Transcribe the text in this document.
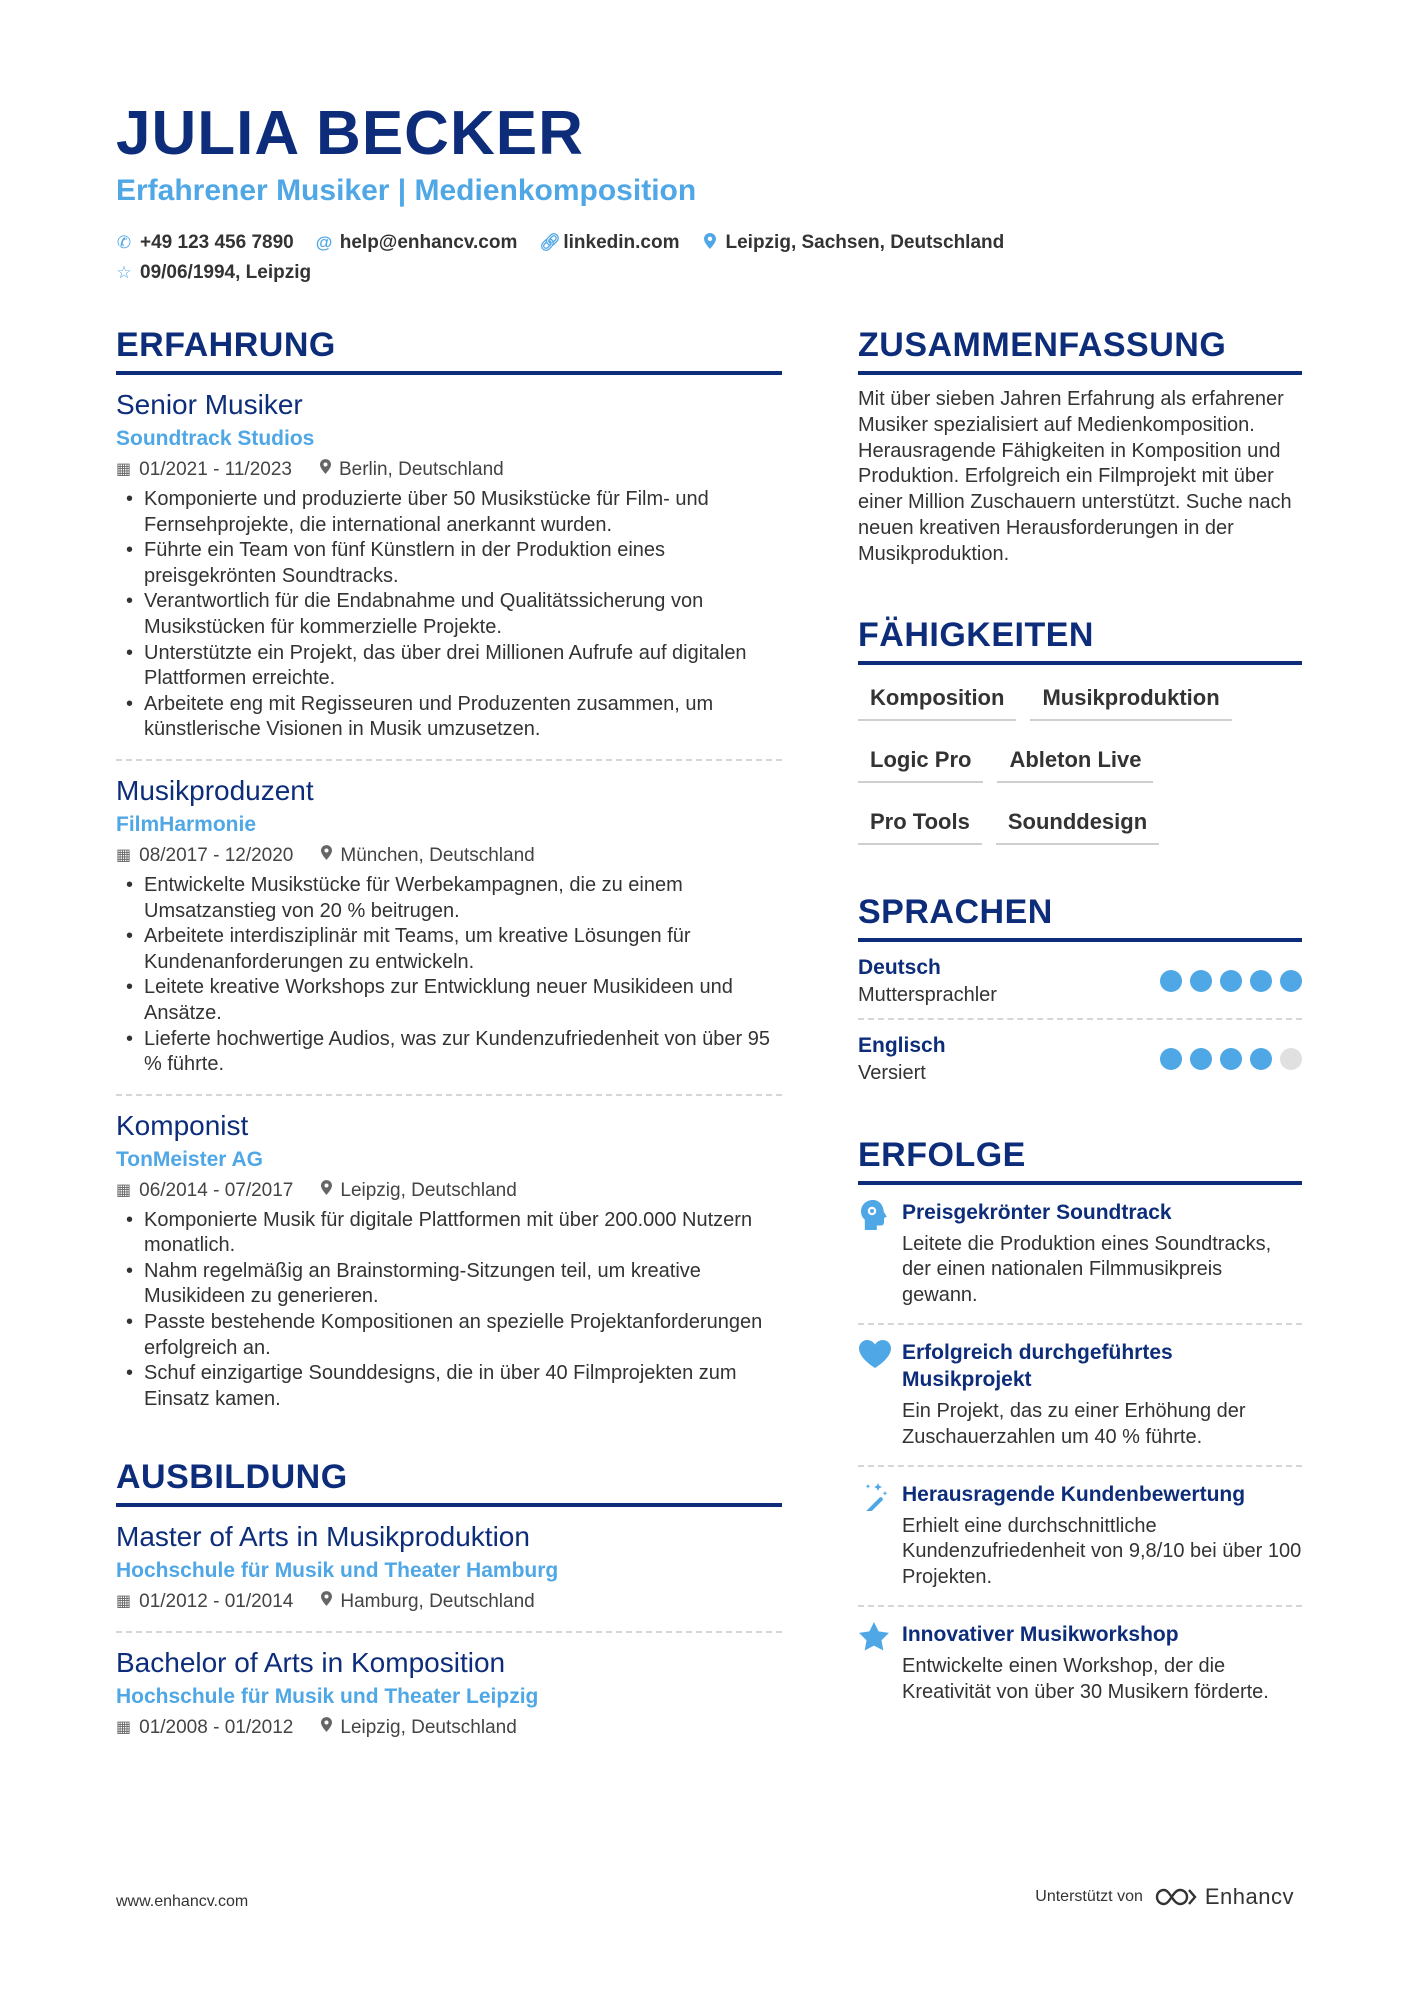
JULIA BECKER
Erfahrener Musiker | Medienkomposition
✆ +49 123 456 7890 @ help@enhancv.com 🔗︎ linkedin.com Leipzig, Sachsen, Deutschland
☆ 09/06/1994, Leipzig
ERFAHRUNG
Senior Musiker
Soundtrack Studios
▦ 01/2021 - 11/2023 Berlin, Deutschland
• Komponierte und produzierte über 50 Musikstücke für Film- und Fernsehprojekte, die international anerkannt wurden.
• Führte ein Team von fünf Künstlern in der Produktion eines preisgekrönten Soundtracks.
• Verantwortlich für die Endabnahme und Qualitätssicherung von Musikstücken für kommerzielle Projekte.
• Unterstützte ein Projekt, das über drei Millionen Aufrufe auf digitalen Plattformen erreichte.
• Arbeitete eng mit Regisseuren und Produzenten zusammen, um künstlerische Visionen in Musik umzusetzen.
Musikproduzent
FilmHarmonie
▦ 08/2017 - 12/2020 München, Deutschland
• Entwickelte Musikstücke für Werbekampagnen, die zu einem Umsatzanstieg von 20 % beitrugen.
• Arbeitete interdisziplinär mit Teams, um kreative Lösungen für Kundenanforderungen zu entwickeln.
• Leitete kreative Workshops zur Entwicklung neuer Musikideen und Ansätze.
• Lieferte hochwertige Audios, was zur Kundenzufriedenheit von über 95 % führte.
Komponist
TonMeister AG
▦ 06/2014 - 07/2017 Leipzig, Deutschland
• Komponierte Musik für digitale Plattformen mit über 200.000 Nutzern monatlich.
• Nahm regelmäßig an Brainstorming-Sitzungen teil, um kreative Musikideen zu generieren.
• Passte bestehende Kompositionen an spezielle Projektanforderungen erfolgreich an.
• Schuf einzigartige Sounddesigns, die in über 40 Filmprojekten zum Einsatz kamen.
AUSBILDUNG
Master of Arts in Musikproduktion
Hochschule für Musik und Theater Hamburg
▦ 01/2012 - 01/2014 Hamburg, Deutschland
Bachelor of Arts in Komposition
Hochschule für Musik und Theater Leipzig
▦ 01/2008 - 01/2012 Leipzig, Deutschland
ZUSAMMENFASSUNG
Mit über sieben Jahren Erfahrung als erfahrener Musiker spezialisiert auf Medienkomposition. Herausragende Fähigkeiten in Komposition und Produktion. Erfolgreich ein Filmprojekt mit über einer Million Zuschauern unterstützt. Suche nach neuen kreativen Herausforderungen in der Musikproduktion.
FÄHIGKEITEN
Komposition	Musikproduktion
Logic Pro	Ableton Live
Pro Tools	Sounddesign
SPRACHEN
Deutsch
Muttersprachler
Englisch
Versiert
ERFOLGE
Preisgekrönter Soundtrack
Leitete die Produktion eines Soundtracks, der einen nationalen Filmmusikpreis gewann.
Erfolgreich durchgeführtes Musikprojekt
Ein Projekt, das zu einer Erhöhung der Zuschauerzahlen um 40 % führte.
Herausragende Kundenbewertung
Erhielt eine durchschnittliche Kundenzufriedenheit von 9,8/10 bei über 100 Projekten.
Innovativer Musikworkshop
Entwickelte einen Workshop, der die Kreativität von über 30 Musikern förderte.
www.enhancv.com	Unterstützt von	Enhancv
